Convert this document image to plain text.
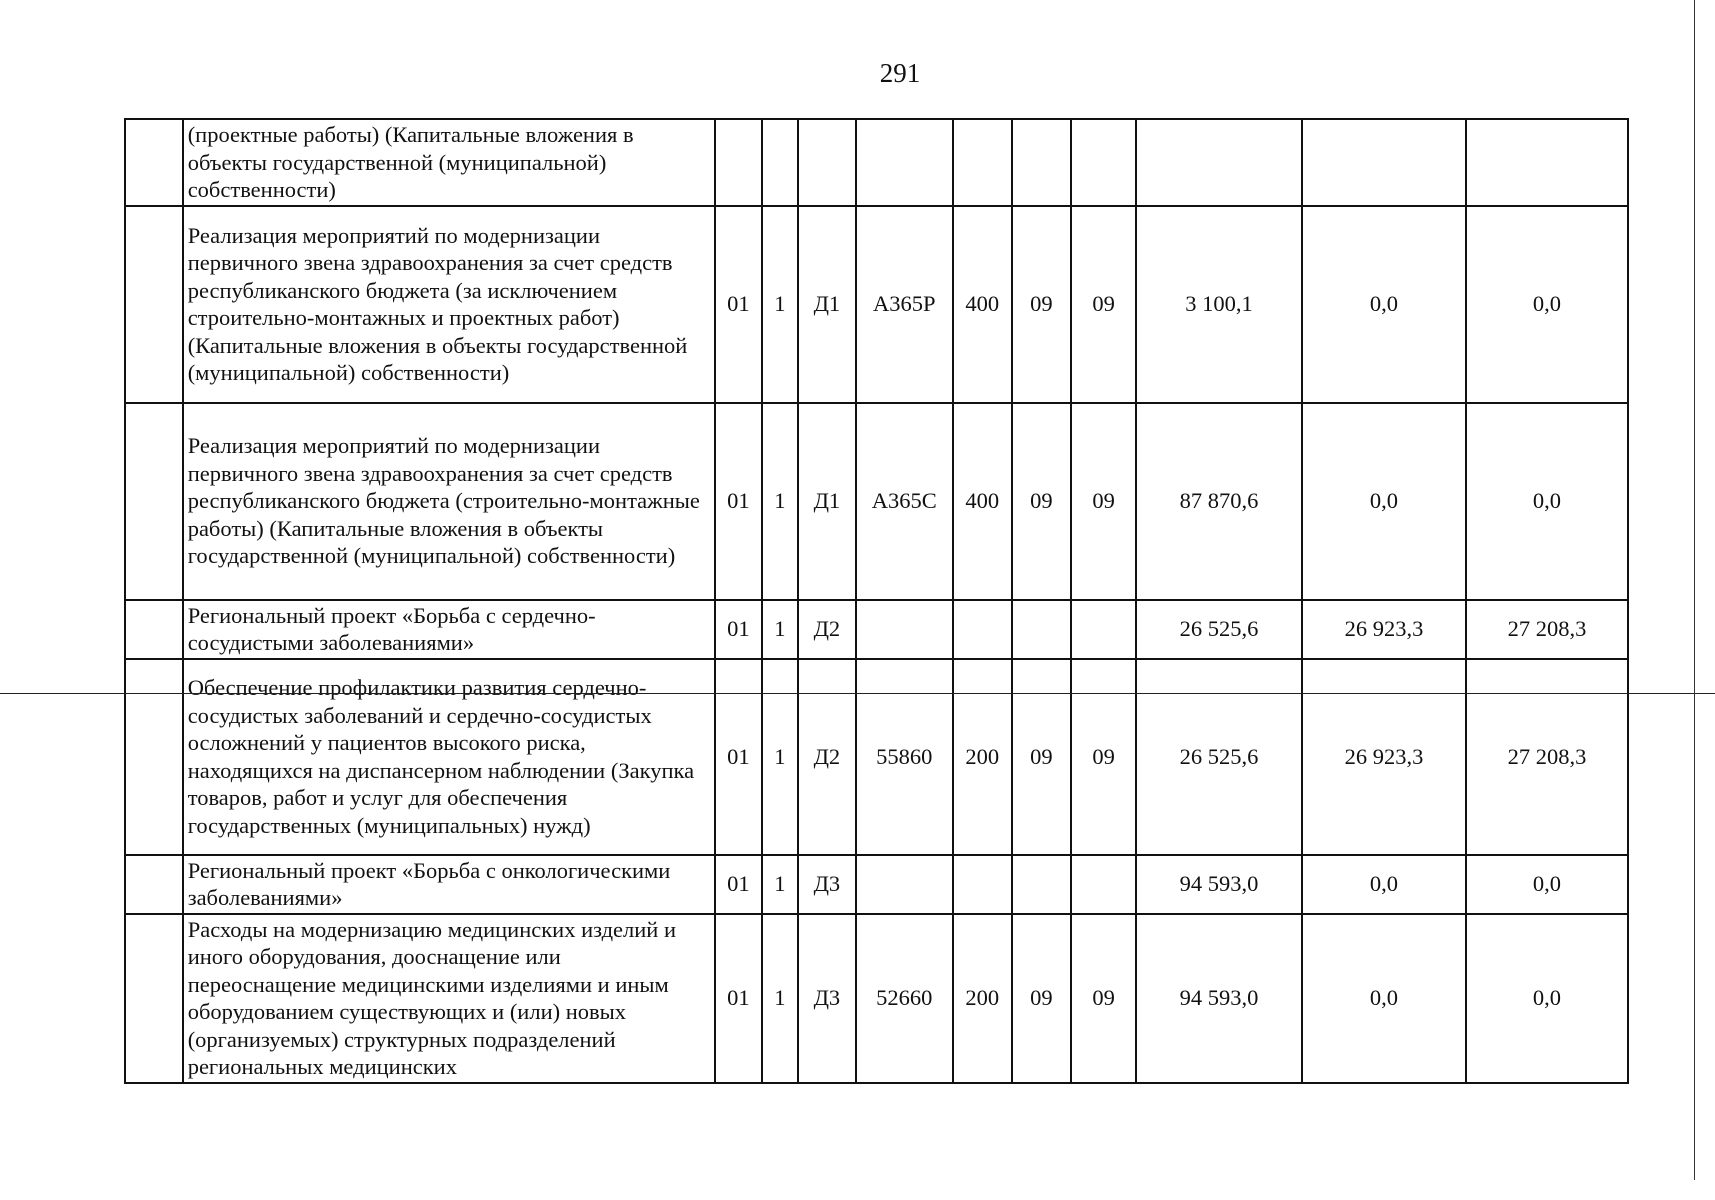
291
	(проектные работы) (Капитальные вложения в объекты государственной (муниципальной) собственности)										
	Реализация мероприятий по модернизации первичного звена здравоохранения за счет средств республиканского бюджета (за исключением строительно-монтажных и проектных работ) (Капитальные вложения в объекты государственной (муниципальной) собственности)	01	1	Д1	А365Р	400	09	09	3 100,1	0,0	0,0
	Реализация мероприятий по модернизации первичного звена здравоохранения за счет средств республиканского бюджета (строительно-монтажные работы) (Капитальные вложения в объекты государственной (муниципальной) собственности)	01	1	Д1	А365С	400	09	09	87 870,6	0,0	0,0
	Региональный проект «Борьба с сердечно-сосудистыми заболеваниями»	01	1	Д2					26 525,6	26 923,3	27 208,3
	Обеспечение профилактики развития сердечно-сосудистых заболеваний и сердечно-сосудистых осложнений у пациентов высокого риска, находящихся на диспансерном наблюдении (Закупка товаров, работ и услуг для обеспечения государственных (муниципальных) нужд)	01	1	Д2	55860	200	09	09	26 525,6	26 923,3	27 208,3
	Региональный проект «Борьба с онкологическими заболеваниями»	01	1	Д3					94 593,0	0,0	0,0
	Расходы на модернизацию медицинских изделий и иного оборудования, дооснащение или переоснащение медицинскими изделиями и иным оборудованием существующих и (или) новых (организуемых) структурных подразделений региональных медицинских	01	1	Д3	52660	200	09	09	94 593,0	0,0	0,0
